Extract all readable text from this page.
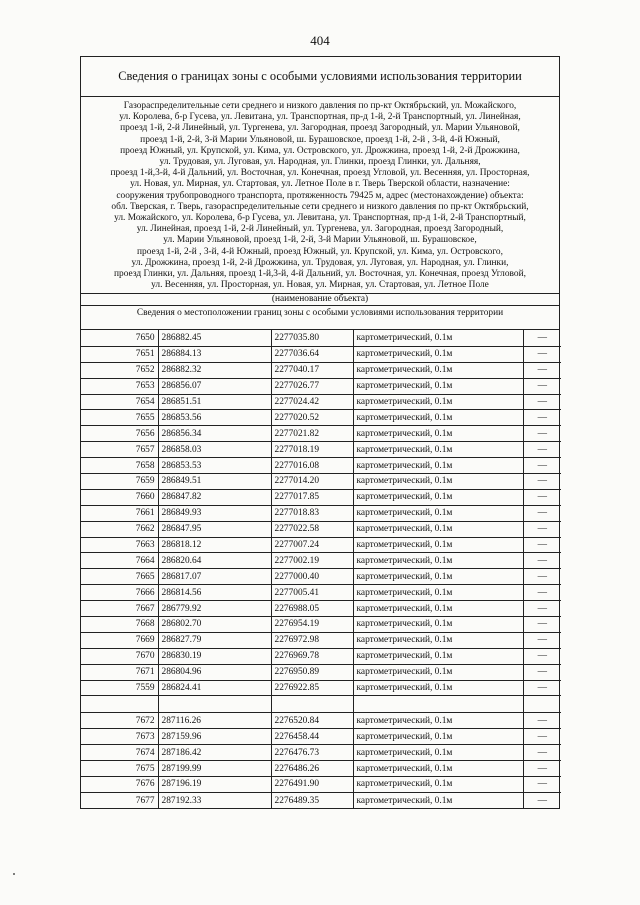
404
Сведения о границах зоны с особыми условиями использования территории
Газораспределительные сети среднего и низкого давления по пр-кт Октябрьский, ул. Можайского,
ул. Королева, б-р Гусева, ул. Левитана, ул. Транспортная, пр-д 1-й, 2-й Транспортный, ул. Линейная,
проезд 1-й, 2-й Линейный, ул. Тургенева, ул. Загородная, проезд Загородный, ул. Марии Ульяновой,
проезд 1-й, 2-й, 3-й Марии Ульяновой, ш. Бурашовское, проезд 1-й, 2-й , 3-й, 4-й Южный,
проезд Южный, ул. Крупской, ул. Кима, ул. Островского, ул. Дрожжина, проезд 1-й, 2-й Дрожжина,
ул. Трудовая, ул. Луговая, ул. Народная, ул. Глинки, проезд Глинки, ул. Дальняя,
проезд 1-й,3-й, 4-й Дальний, ул. Восточная, ул. Конечная, проезд Угловой, ул. Весенняя, ул. Просторная,
ул. Новая, ул. Мирная, ул. Стартовая, ул. Летное Поле в г. Тверь Тверской области, назначение:
сооружения трубопроводного транспорта, протяженность 79425 м, адрес (местонахождение) объекта:
обл. Тверская, г. Тверь, газораспределительные сети среднего и низкого давления по пр-кт Октябрьский,
ул. Можайского, ул. Королева, б-р Гусева, ул. Левитана, ул. Транспортная, пр-д 1-й, 2-й Транспортный,
ул. Линейная, проезд 1-й, 2-й Линейный, ул. Тургенева, ул. Загородная, проезд Загородный,
ул. Марии Ульяновой, проезд 1-й, 2-й, 3-й Марии Ульяновой, ш. Бурашовское,
проезд 1-й, 2-й , 3-й, 4-й Южный, проезд Южный, ул. Крупской, ул. Кима, ул. Островского,
ул. Дрожжина, проезд 1-й, 2-й Дрожжина, ул. Трудовая, ул. Луговая, ул. Народная, ул. Глинки,
проезд Глинки, ул. Дальняя, проезд 1-й,3-й, 4-й Дальний, ул. Восточная, ул. Конечная, проезд Угловой,
ул. Весенняя, ул. Просторная, ул. Новая, ул. Мирная, ул. Стартовая, ул. Летное Поле
(наименование объекта)
Сведения о местоположении границ зоны с особыми условиями использования территории
7650	286882.45	2277035.80	картометрический, 0.1м	—
7651	286884.13	2277036.64	картометрический, 0.1м	—
7652	286882.32	2277040.17	картометрический, 0.1м	—
7653	286856.07	2277026.77	картометрический, 0.1м	—
7654	286851.51	2277024.42	картометрический, 0.1м	—
7655	286853.56	2277020.52	картометрический, 0.1м	—
7656	286856.34	2277021.82	картометрический, 0.1м	—
7657	286858.03	2277018.19	картометрический, 0.1м	—
7658	286853.53	2277016.08	картометрический, 0.1м	—
7659	286849.51	2277014.20	картометрический, 0.1м	—
7660	286847.82	2277017.85	картометрический, 0.1м	—
7661	286849.93	2277018.83	картометрический, 0.1м	—
7662	286847.95	2277022.58	картометрический, 0.1м	—
7663	286818.12	2277007.24	картометрический, 0.1м	—
7664	286820.64	2277002.19	картометрический, 0.1м	—
7665	286817.07	2277000.40	картометрический, 0.1м	—
7666	286814.56	2277005.41	картометрический, 0.1м	—
7667	286779.92	2276988.05	картометрический, 0.1м	—
7668	286802.70	2276954.19	картометрический, 0.1м	—
7669	286827.79	2276972.98	картометрический, 0.1м	—
7670	286830.19	2276969.78	картометрический, 0.1м	—
7671	286804.96	2276950.89	картометрический, 0.1м	—
7559	286824.41	2276922.85	картометрический, 0.1м	—

7672	287116.26	2276520.84	картометрический, 0.1м	—
7673	287159.96	2276458.44	картометрический, 0.1м	—
7674	287186.42	2276476.73	картометрический, 0.1м	—
7675	287199.99	2276486.26	картометрический, 0.1м	—
7676	287196.19	2276491.90	картометрический, 0.1м	—
7677	287192.33	2276489.35	картометрический, 0.1м	—
